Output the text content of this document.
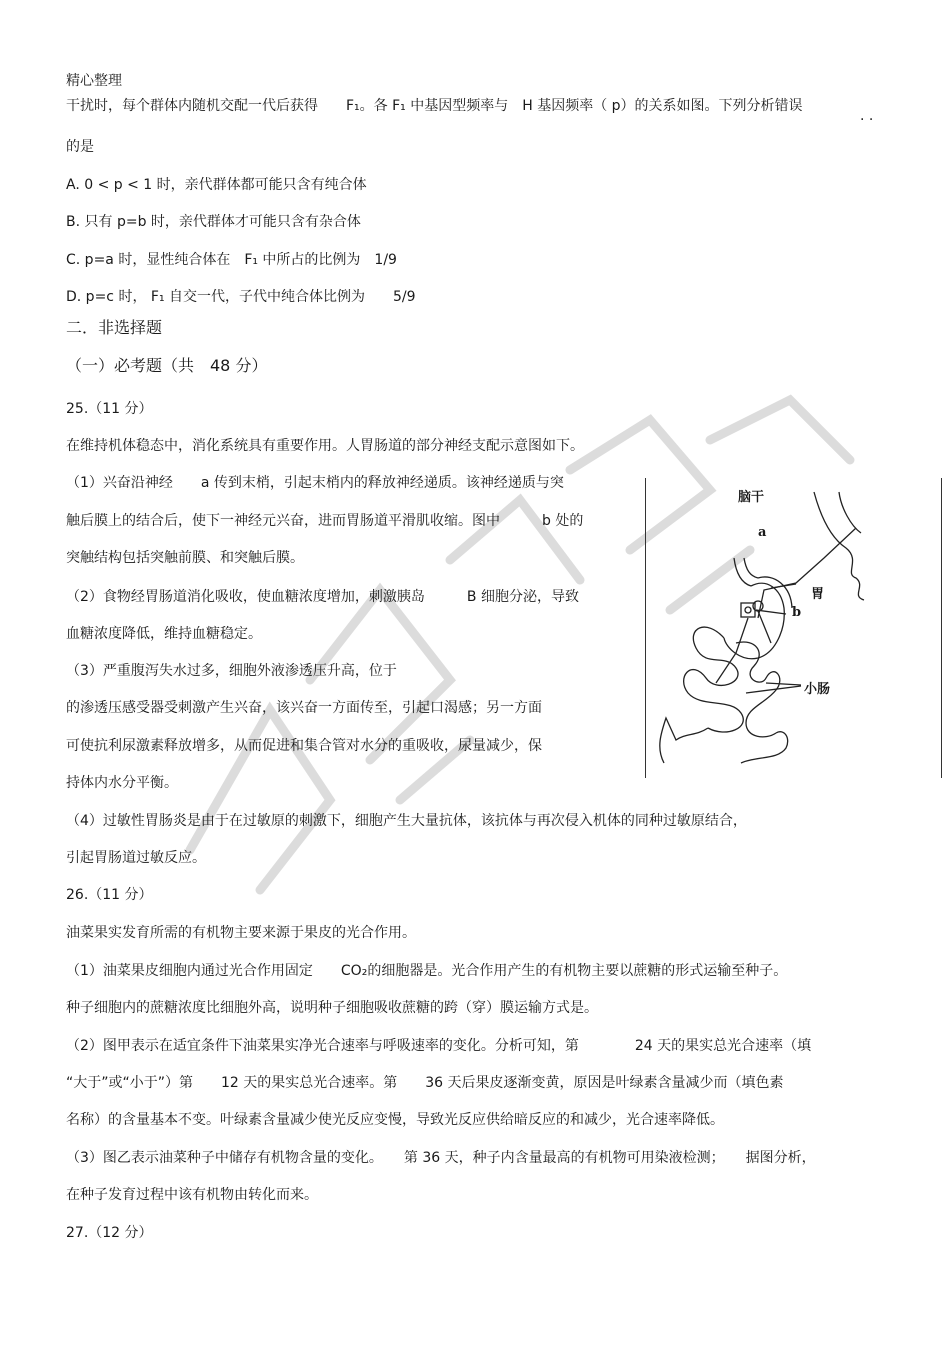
精心整理
干扰时，每个群体内随机交配一代后获得　　F₁。各 F₁ 中基因型频率与　H 基因频率（ p）的关系如图。下列分析错误
· ·
的是
A. 0 < p < 1 时，亲代群体都可能只含有纯合体
B. 只有 p=b 时，亲代群体才可能只含有杂合体
C. p=a 时，显性纯合体在　F₁ 中所占的比例为　1/9
D. p=c 时， F₁ 自交一代，子代中纯合体比例为　　5/9
二．非选择题
（一）必考题（共　48 分）
25.（11 分）
在维持机体稳态中，消化系统具有重要作用。人胃肠道的部分神经支配示意图如下。
（1）兴奋沿神经　　a 传到末梢，引起末梢内的释放神经递质。该神经递质与突
触后膜上的结合后，使下一神经元兴奋，进而胃肠道平滑肌收缩。图中　　　b 处的
突触结构包括突触前膜、和突触后膜。
（2）食物经胃肠道消化吸收，使血糖浓度增加，刺激胰岛　　　B 细胞分泌，导致
血糖浓度降低，维持血糖稳定。
（3）严重腹泻失水过多，细胞外液渗透压升高，位于
的渗透压感受器受刺激产生兴奋，该兴奋一方面传至，引起口渴感；另一方面
可使抗利尿激素释放增多，从而促进和集合管对水分的重吸收，尿量减少，保
持体内水分平衡。
（4）过敏性胃肠炎是由于在过敏原的刺激下，细胞产生大量抗体，该抗体与再次侵入机体的同种过敏原结合，
引起胃肠道过敏反应。
脑干
a
胃
b
小肠
26.（11 分）
油菜果实发育所需的有机物主要来源于果皮的光合作用。
（1）油菜果皮细胞内通过光合作用固定　　CO₂的细胞器是。光合作用产生的有机物主要以蔗糖的形式运输至种子。
种子细胞内的蔗糖浓度比细胞外高，说明种子细胞吸收蔗糖的跨（穿）膜运输方式是。
（2）图甲表示在适宜条件下油菜果实净光合速率与呼吸速率的变化。分析可知，第　　　　24 天的果实总光合速率（填
“大于”或“小于”）第　　12 天的果实总光合速率。第　　36 天后果皮逐渐变黄，原因是叶绿素含量减少而（填色素
名称）的含量基本不变。叶绿素含量减少使光反应变慢，导致光反应供给暗反应的和减少，光合速率降低。
（3）图乙表示油菜种子中储存有机物含量的变化。　　第 36 天，种子内含量最高的有机物可用染液检测；　　据图分析，
在种子发育过程中该有机物由转化而来。
27.（12 分）
